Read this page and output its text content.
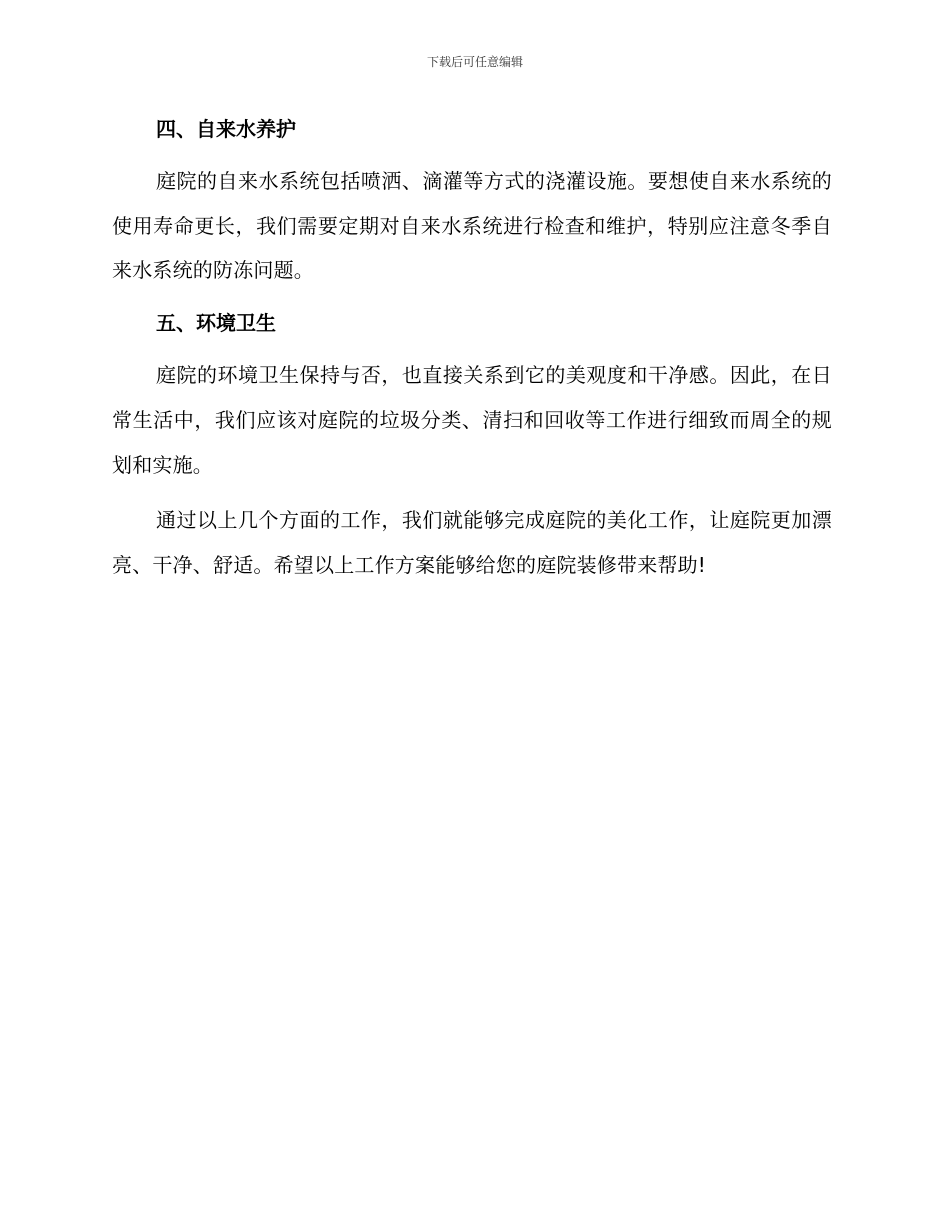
下载后可任意编辑
四、自来水养护

庭院的自来水系统包括喷洒、滴灌等方式的浇灌设施。要想使自来水系统的使用寿命更长，我们需要定期对自来水系统进行检查和维护，特别应注意冬季自来水系统的防冻问题。

五、环境卫生

庭院的环境卫生保持与否，也直接关系到它的美观度和干净感。因此，在日常生活中，我们应该对庭院的垃圾分类、清扫和回收等工作进行细致而周全的规划和实施。

通过以上几个方面的工作，我们就能够完成庭院的美化工作，让庭院更加漂亮、干净、舒适。希望以上工作方案能够给您的庭院装修带来帮助!
